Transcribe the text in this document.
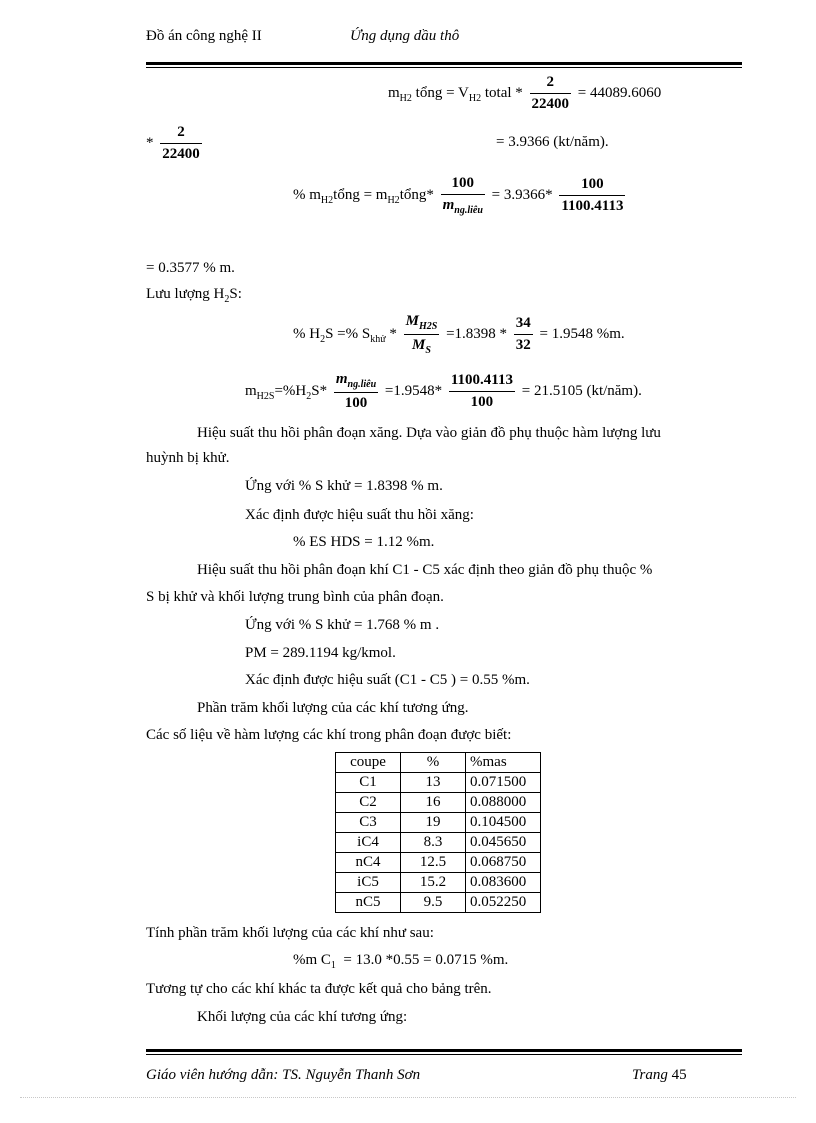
Đồ án công nghệ II	Ứng dụng dầu thô
$m_{H2}$ tổng = $V_{H2}$ total * $\frac{2}{22400} = 44089.6060$
* $\frac{2}{22400}$	= 3.9366 (kt/năm).
% $m_{H2}tổng$ = $m_{H2}tổng* \frac{100}{m_{ng.liêu}} = 3.9366* \frac{100}{1100.4113}$
= 0.3577 % m.
Lưu lượng $H_2S$:
% $H_2S$ =% $S_{khử} * \frac{M_{H2S}}{M_S} =1.8398 * \frac{34}{32} = 1.9548$ %m.
$m_{H2S}=\%H_2S* \frac{m_{ng.liêu}}{100} =1.9548* \frac{1100.4113}{100} = 21.5105$ (kt/năm).
Hiệu suất thu hồi phân đoạn xăng. Dựa vào giản đồ phụ thuộc hàm lượng lưu
huỳnh bị khử.
Ứng với % S khử = 1.8398 % m.
Xác định được hiệu suất thu hồi xăng:
% ES HDS = 1.12 %m.
Hiệu suất thu hồi phân đoạn khí C1 - C5 xác định theo giản đồ phụ thuộc %
S bị khử và khối lượng trung bình của phân đoạn.
Ứng với % S khử = 1.768 % m .
PM = 289.1194 kg/kmol.
Xác định được hiệu suất (C1 - C5 ) = 0.55 %m.
Phần trăm khối lượng của các khí tương ứng.
Các số liệu về hàm lượng các khí trong phân đoạn được biết:
coupe	%	%mas
C1	13	0.071500
C2	16	0.088000
C3	19	0.104500
iC4	8.3	0.045650
nC4	12.5	0.068750
iC5	15.2	0.083600
nC5	9.5	0.052250
Tính phần trăm khối lượng của các khí như sau:
%m $C_1 = 13.0$ *0.55 = 0.0715 %m.
Tương tự cho các khí khác ta được kết quả cho bảng trên.
Khối lượng của các khí tương ứng:
Giáo viên hướng dẫn: TS. Nguyễn Thanh Sơn	Trang 45
